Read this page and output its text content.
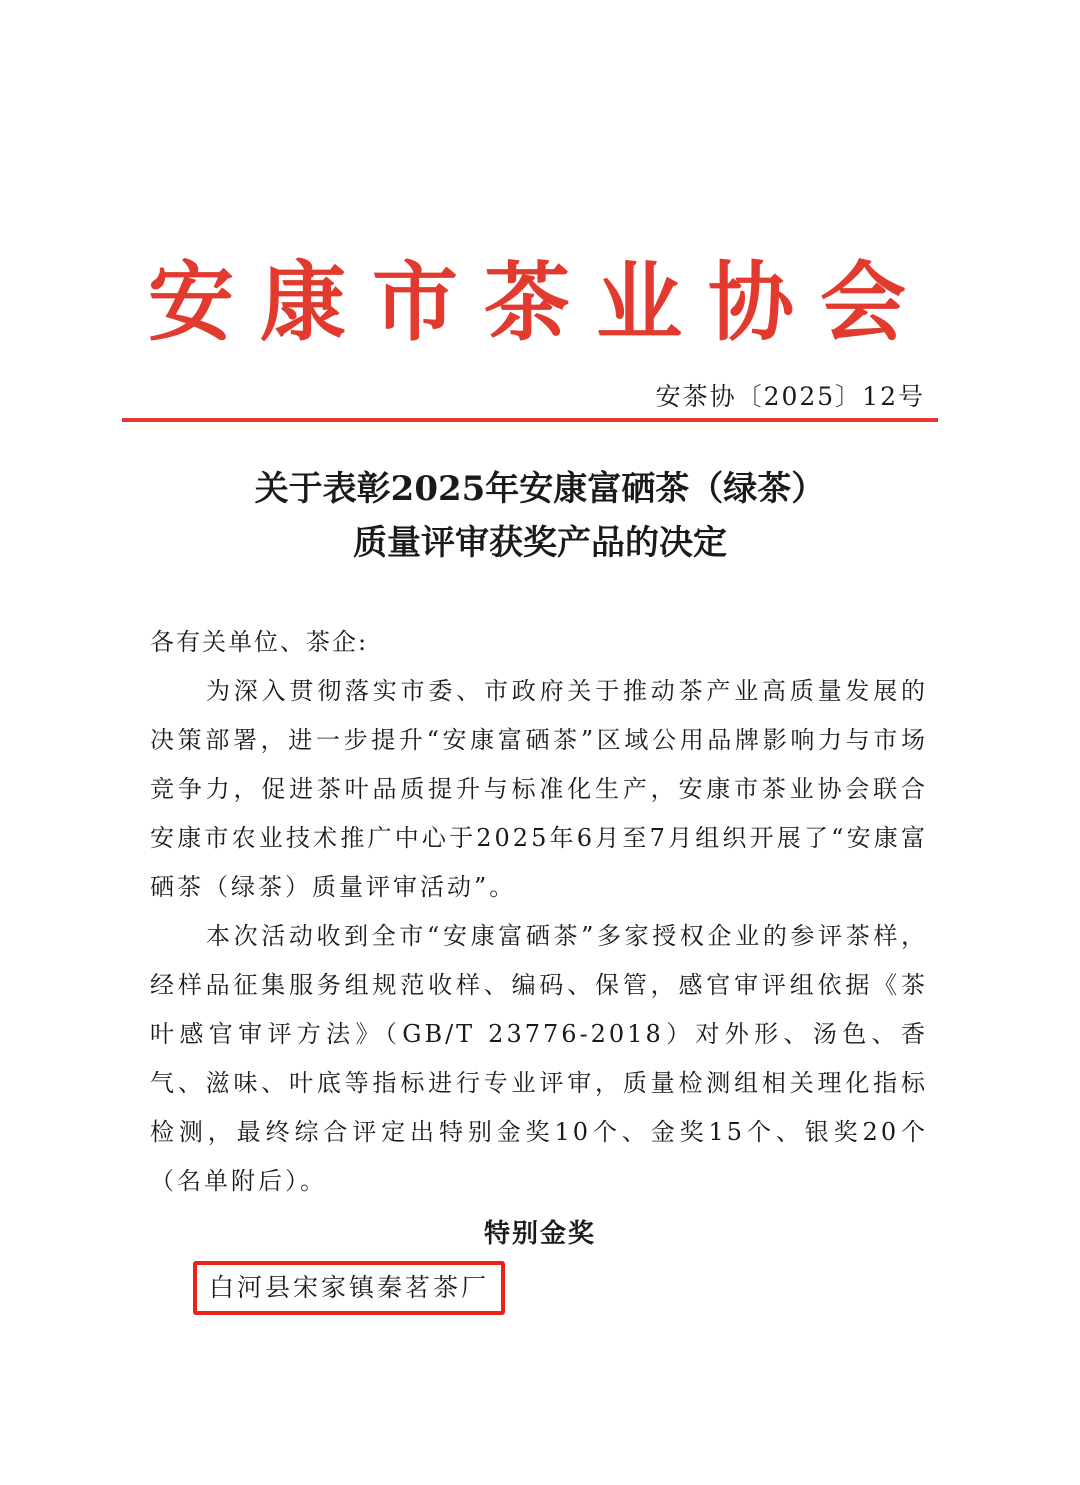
安康市茶业协会
安茶协〔2025〕12号
关于表彰2025年安康富硒茶（绿茶）
质量评审获奖产品的决定
各有关单位、茶企:
为深入贯彻落实市委、市政府关于推动茶产业高质量发展的决策部署，进一步提升“安康富硒茶”区域公用品牌影响力与市场竞争力，促进茶叶品质提升与标准化生产，安康市茶业协会联合安康市农业技术推广中心于2025年6月至7月组织开展了“安康富硒茶（绿茶）质量评审活动”。
本次活动收到全市“安康富硒茶”多家授权企业的参评茶样，经样品征集服务组规范收样、编码、保管，感官审评组依据《茶叶感官审评方法》（GB/T 23776-2018）对外形、汤色、香气、滋味、叶底等指标进行专业评审，质量检测组相关理化指标检测，最终综合评定出特别金奖10个、金奖15个、银奖20个（名单附后）。
特别金奖
白河县宋家镇秦茗茶厂
